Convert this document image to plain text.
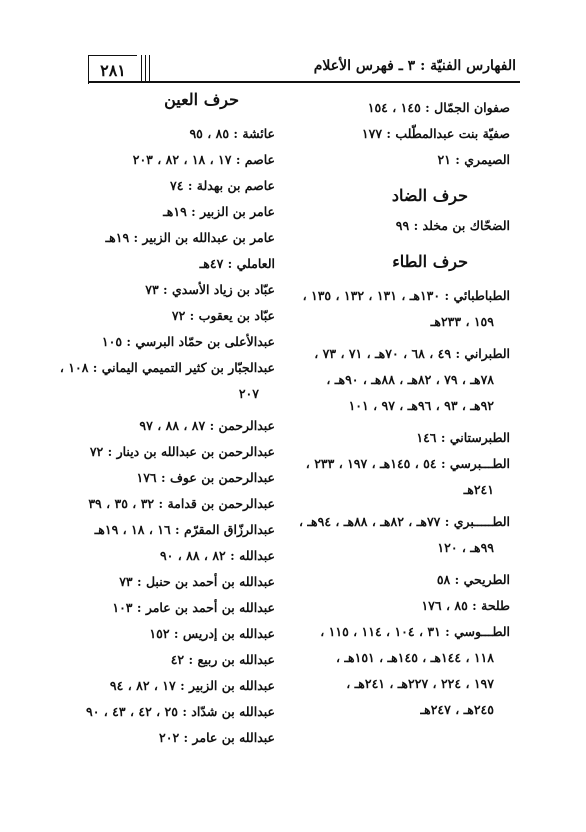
٢٨١	الفهارس الفنيّة : ٣ ـ فهرس الأعلام
صفوان الجمّال : ١٤٥ ، ١٥٤
صفيّة بنت عبدالمطّلب : ١٧٧
الصيمري : ٢١
حرف الضاد
الضحّاك بن مخلد : ٩٩
حرف الطاء
الطباطبائي : ١٣٠هـ ، ١٣١ ، ١٣٢ ، ١٣٥ ،

١٥٩ ، ٢٣٣هـ
الطبراني : ٤٩ ، ٦٨ ، ٧٠هـ ، ٧١ ، ٧٣ ،

٧٨هـ ، ٧٩ ، ٨٢هـ ، ٨٨هـ ، ٩٠هـ ،
٩٢هـ ، ٩٣ ، ٩٦هـ ، ٩٧ ، ١٠١
الطبرستاني : ١٤٦
الطـــبرسي : ٥٤ ، ١٤٥هـ ، ١٩٧ ، ٢٣٣ ،

٢٤١هـ
الطـــــبري : ٧٧هـ ، ٨٢هـ ، ٨٨هـ ، ٩٤هـ ،

٩٩هـ ، ١٢٠
الطريحي : ٥٨
طلحة : ٨٥ ، ١٧٦
الطـــوسي : ٣١ ، ١٠٤ ، ١١٤ ، ١١٥ ،

١١٨ ، ١٤٤هـ ، ١٤٥هـ ، ١٥١هـ ،
١٩٧ ، ٢٢٤ ، ٢٢٧هـ ، ٢٤١هـ ،
٢٤٥هـ ، ٢٤٧هـ
حرف العين
عائشة : ٨٥ ، ٩٥
عاصم : ١٧ ، ١٨ ، ٨٢ ، ٢٠٣
عاصم بن بهدلة : ٧٤
عامر بن الزبير : ١٩هـ
عامر بن عبدالله بن الزبير : ١٩هـ
العاملي : ٤٧هـ
عبّاد بن زياد الأسدي : ٧٣
عبّاد بن يعقوب : ٧٢
عبدالأعلى بن حمّاد البرسي : ١٠٥
عبدالجبّار بن كثير التميمي اليماني : ١٠٨ ،

٢٠٧
عبدالرحمن : ٨٧ ، ٨٨ ، ٩٧
عبدالرحمن بن عبدالله بن دينار : ٧٢
عبدالرحمن بن عوف : ١٧٦
عبدالرحمن بن قدامة : ٣٢ ، ٣٥ ، ٣٩
عبدالرزّاق المقرّم : ١٦ ، ١٨ ، ١٩هـ
عبدالله : ٨٢ ، ٨٨ ، ٩٠
عبدالله بن أحمد بن حنبل : ٧٣
عبدالله بن أحمد بن عامر : ١٠٣
عبدالله بن إدريس : ١٥٢
عبدالله بن ربيع : ٤٢
عبدالله بن الزبير : ١٧ ، ٨٢ ، ٩٤
عبدالله بن شدّاد : ٢٥ ، ٤٢ ، ٤٣ ، ٩٠
عبدالله بن عامر : ٢٠٢
